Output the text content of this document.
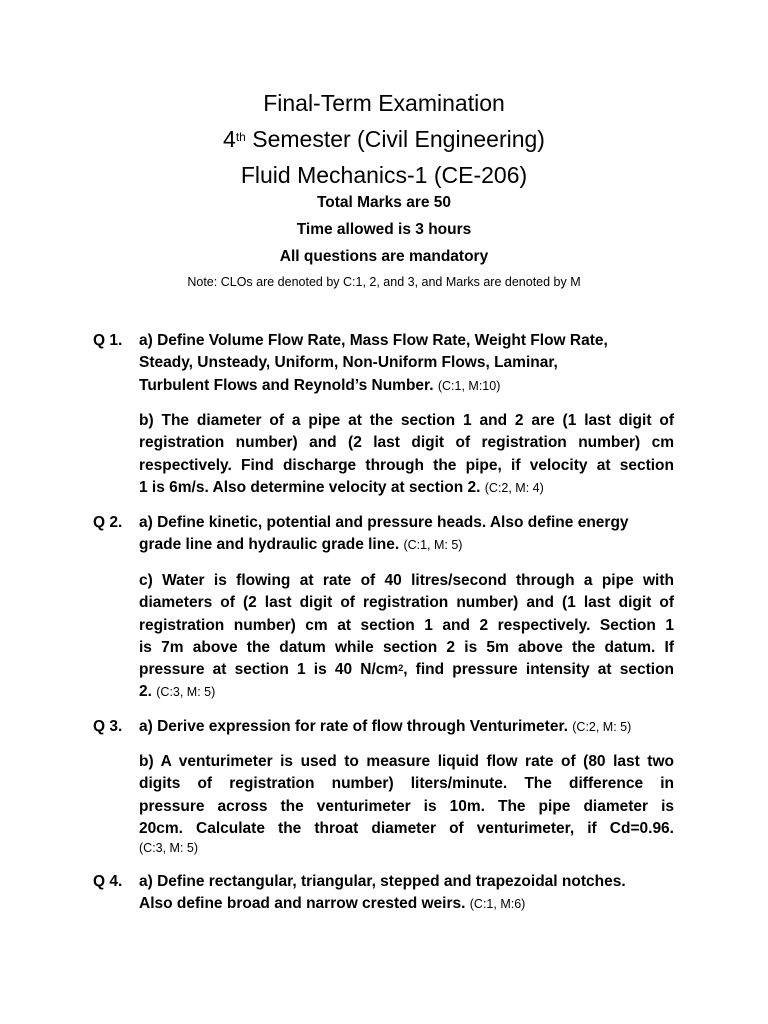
Final-Term Examination
4th Semester (Civil Engineering)
Fluid Mechanics-1 (CE-206)
Total Marks are 50
Time allowed is 3 hours
All questions are mandatory
Note: CLOs are denoted by C:1, 2, and 3, and Marks are denoted by M
Q 1. a) Define Volume Flow Rate, Mass Flow Rate, Weight Flow Rate,
Steady, Unsteady, Uniform, Non-Uniform Flows, Laminar,
Turbulent Flows and Reynold’s Number. (C:1, M:10)
b) The diameter of a pipe at the section 1 and 2 are (1 last digit of
registration number) and (2 last digit of registration number) cm
respectively. Find discharge through the pipe, if velocity at section
1 is 6m/s. Also determine velocity at section 2. (C:2, M: 4)
Q 2. a) Define kinetic, potential and pressure heads. Also define energy
grade line and hydraulic grade line. (C:1, M: 5)
c) Water is flowing at rate of 40 litres/second through a pipe with
diameters of (2 last digit of registration number) and (1 last digit of
registration number) cm at section 1 and 2 respectively. Section 1
is 7m above the datum while section 2 is 5m above the datum. If
pressure at section 1 is 40 $N/cm^2$, find pressure intensity at section
2. (C:3, M: 5)
Q 3. a) Derive expression for rate of flow through Venturimeter. (C:2, M: 5)
b) A venturimeter is used to measure liquid flow rate of (80 last two
digits of registration number) liters/minute. The difference in
pressure across the venturimeter is 10m. The pipe diameter is
20cm. Calculate the throat diameter of venturimeter, if Cd=0.96.
(C:3, M: 5)
Q 4. a) Define rectangular, triangular, stepped and trapezoidal notches.
Also define broad and narrow crested weirs. (C:1, M:6)
